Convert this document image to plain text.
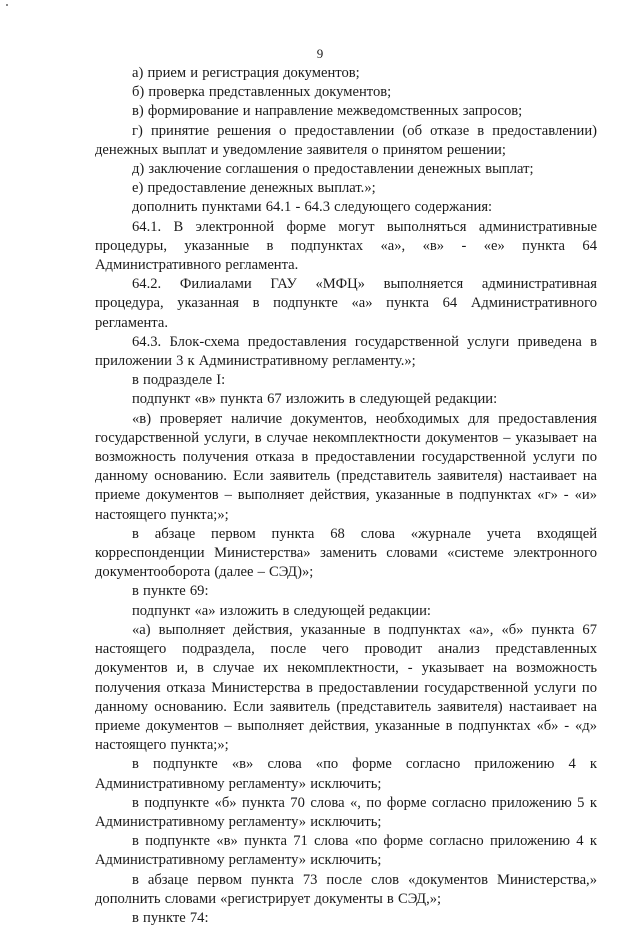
9

а) прием и регистрация документов;

б) проверка представленных документов;

в) формирование и направление межведомственных запросов;

г) принятие решения о предоставлении (об отказе в предоставлении) денежных выплат и уведомление заявителя о принятом решении;

д) заключение соглашения о предоставлении денежных выплат;

е) предоставление денежных выплат.»;

дополнить пунктами 64.1 - 64.3 следующего содержания:

64.1. В электронной форме могут выполняться административные процедуры, указанные в подпунктах «а», «в» - «е» пункта 64 Административного регламента.

64.2. Филиалами ГАУ «МФЦ» выполняется административная процедура, указанная в подпункте «а» пункта 64 Административного регламента.

64.3. Блок-схема предоставления государственной услуги приведена в приложении 3 к Административному регламенту.»;

в подразделе I:

подпункт «в» пункта 67 изложить в следующей редакции:

«в) проверяет наличие документов, необходимых для предоставления государственной услуги, в случае некомплектности документов – указывает на возможность получения отказа в предоставлении государственной услуги по данному основанию. Если заявитель (представитель заявителя) настаивает на приеме документов – выполняет действия, указанные в подпунктах «г» - «и» настоящего пункта;»;

в абзаце первом пункта 68 слова «журнале учета входящей корреспонденции Министерства» заменить словами «системе электронного документооборота (далее – СЭД)»;

в пункте 69:

подпункт «а» изложить в следующей редакции:

«а) выполняет действия, указанные в подпунктах «а», «б» пункта 67 настоящего подраздела, после чего проводит анализ представленных документов и, в случае их некомплектности, - указывает на возможность получения отказа Министерства в предоставлении государственной услуги по данному основанию. Если заявитель (представитель заявителя) настаивает на приеме документов – выполняет действия, указанные в подпунктах «б» - «д» настоящего пункта;»;

в подпункте «в» слова «по форме согласно приложению 4 к Административному регламенту» исключить;

в подпункте «б» пункта 70 слова «, по форме согласно приложению 5 к Административному регламенту» исключить;

в подпункте «в» пункта 71 слова «по форме согласно приложению 4 к Административному регламенту» исключить;

в абзаце первом пункта 73 после слов «документов Министерства,» дополнить словами «регистрирует документы в СЭД,»;

в пункте 74:
